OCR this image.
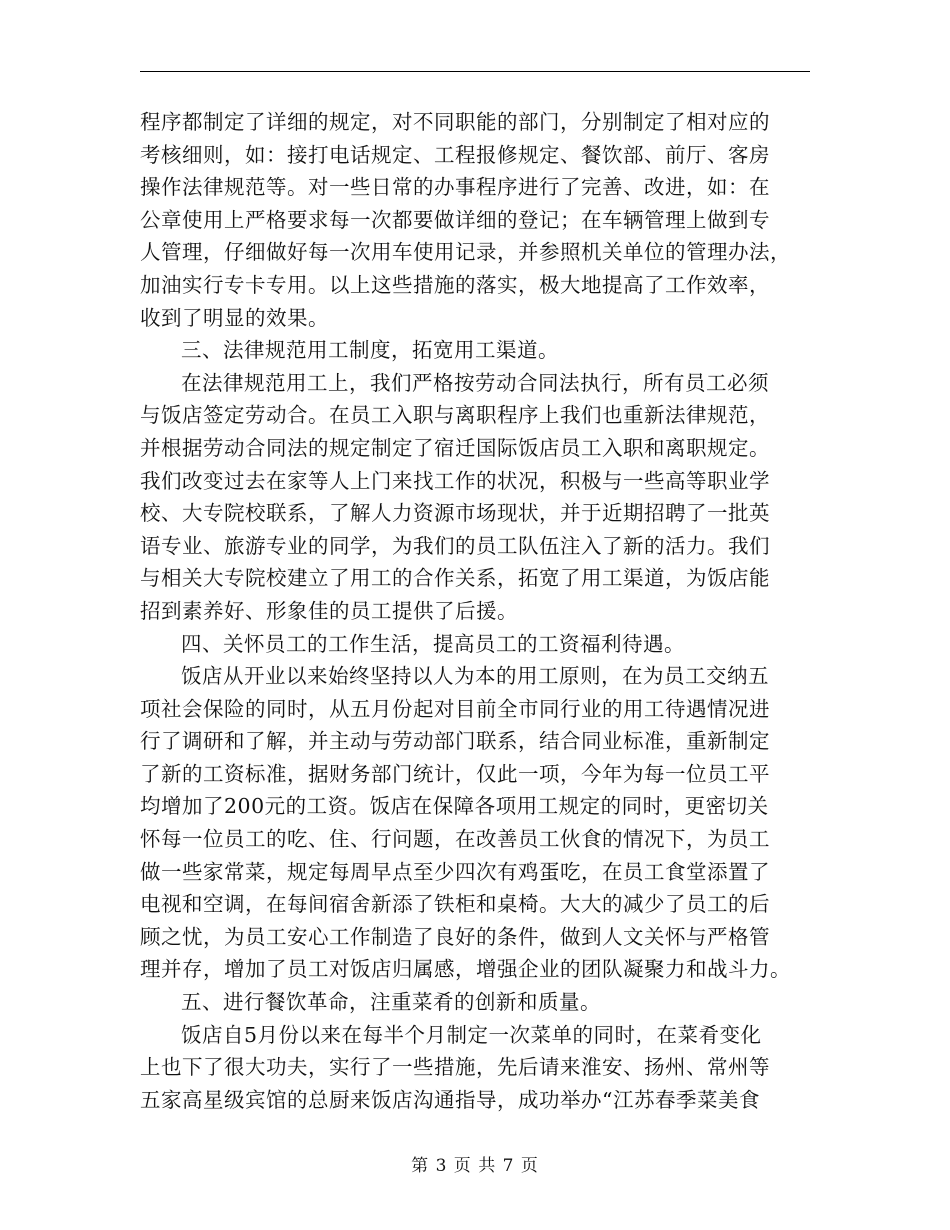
程序都制定了详细的规定，对不同职能的部门，分别制定了相对应的
考核细则，如：接打电话规定、工程报修规定、餐饮部、前厅、客房
操作法律规范等。对一些日常的办事程序进行了完善、改进，如：在
公章使用上严格要求每一次都要做详细的登记；在车辆管理上做到专
人管理，仔细做好每一次用车使用记录，并参照机关单位的管理办法，
加油实行专卡专用。以上这些措施的落实，极大地提高了工作效率，
收到了明显的效果。
三、法律规范用工制度，拓宽用工渠道。
在法律规范用工上，我们严格按劳动合同法执行，所有员工必须
与饭店签定劳动合。在员工入职与离职程序上我们也重新法律规范，
并根据劳动合同法的规定制定了宿迁国际饭店员工入职和离职规定。
我们改变过去在家等人上门来找工作的状况，积极与一些高等职业学
校、大专院校联系，了解人力资源市场现状，并于近期招聘了一批英
语专业、旅游专业的同学，为我们的员工队伍注入了新的活力。我们
与相关大专院校建立了用工的合作关系，拓宽了用工渠道，为饭店能
招到素养好、形象佳的员工提供了后援。
四、关怀员工的工作生活，提高员工的工资福利待遇。
饭店从开业以来始终坚持以人为本的用工原则，在为员工交纳五
项社会保险的同时，从五月份起对目前全市同行业的用工待遇情况进
行了调研和了解，并主动与劳动部门联系，结合同业标准，重新制定
了新的工资标准，据财务部门统计，仅此一项，今年为每一位员工平
均增加了200元的工资。饭店在保障各项用工规定的同时，更密切关
怀每一位员工的吃、住、行问题，在改善员工伙食的情况下，为员工
做一些家常菜，规定每周早点至少四次有鸡蛋吃，在员工食堂添置了
电视和空调，在每间宿舍新添了铁柜和桌椅。大大的减少了员工的后
顾之忧，为员工安心工作制造了良好的条件，做到人文关怀与严格管
理并存，增加了员工对饭店归属感，增强企业的团队凝聚力和战斗力。
五、进行餐饮革命，注重菜肴的创新和质量。
饭店自5月份以来在每半个月制定一次菜单的同时，在菜肴变化
上也下了很大功夫，实行了一些措施，先后请来淮安、扬州、常州等
五家高星级宾馆的总厨来饭店沟通指导，成功举办“江苏春季菜美食
第 3 页 共 7 页
